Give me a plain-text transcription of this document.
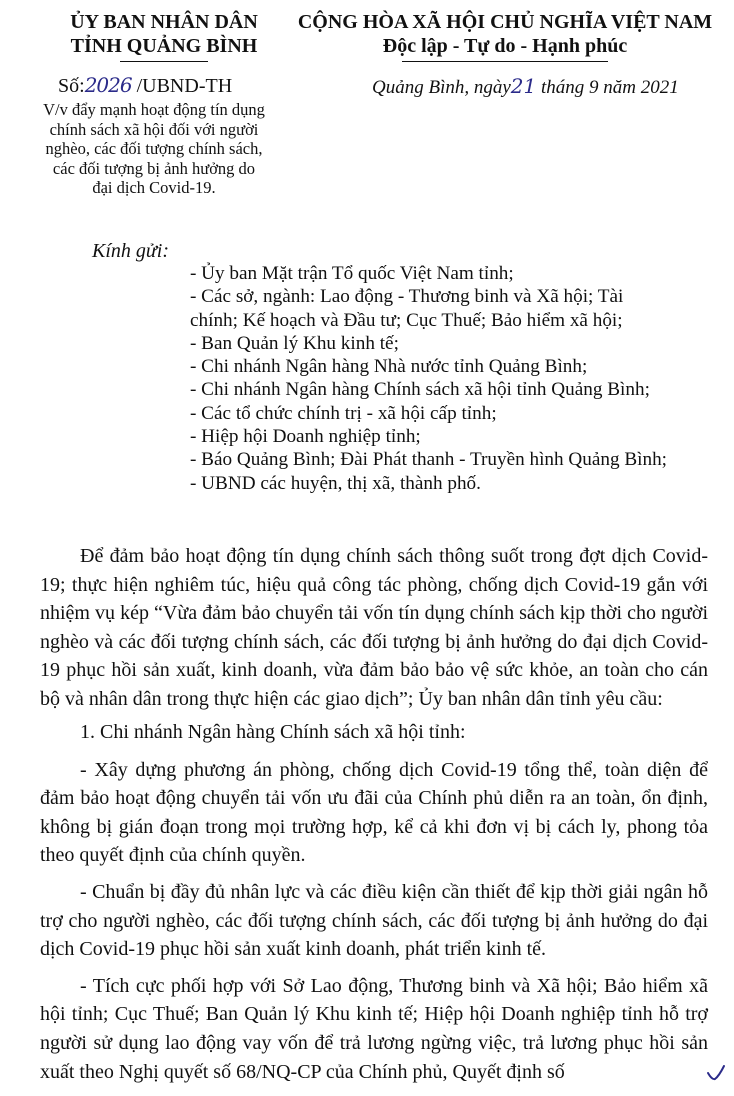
ỦY BAN NHÂN DÂN
TỈNH QUẢNG BÌNH
Số:2026 /UBND-TH
V/v đẩy mạnh hoạt động tín dụng
chính sách xã hội đối với người
nghèo, các đối tượng chính sách,
các đối tượng bị ảnh hưởng do
đại dịch Covid-19.
CỘNG HÒA XÃ HỘI CHỦ NGHĨA VIỆT NAM
Độc lập - Tự do - Hạnh phúc
Quảng Bình, ngày21 tháng 9 năm 2021
Kính gửi:
- Ủy ban Mặt trận Tổ quốc Việt Nam tỉnh;
- Các sở, ngành: Lao động - Thương binh và Xã hội; Tài
chính; Kế hoạch và Đầu tư; Cục Thuế; Bảo hiểm xã hội;
- Ban Quản lý Khu kinh tế;
- Chi nhánh Ngân hàng Nhà nước tỉnh Quảng Bình;
- Chi nhánh Ngân hàng Chính sách xã hội tỉnh Quảng Bình;
- Các tổ chức chính trị - xã hội cấp tỉnh;
- Hiệp hội Doanh nghiệp tỉnh;
- Báo Quảng Bình; Đài Phát thanh - Truyền hình Quảng Bình;
- UBND các huyện, thị xã, thành phố.

Để đảm bảo hoạt động tín dụng chính sách thông suốt trong đợt dịch Covid-19; thực hiện nghiêm túc, hiệu quả công tác phòng, chống dịch Covid-19 gắn với nhiệm vụ kép “Vừa đảm bảo chuyển tải vốn tín dụng chính sách kịp thời cho người nghèo và các đối tượng chính sách, các đối tượng bị ảnh hưởng do đại dịch Covid-19 phục hồi sản xuất, kinh doanh, vừa đảm bảo bảo vệ sức khỏe, an toàn cho cán bộ và nhân dân trong thực hiện các giao dịch”; Ủy ban nhân dân tỉnh yêu cầu:

1. Chi nhánh Ngân hàng Chính sách xã hội tỉnh:

- Xây dựng phương án phòng, chống dịch Covid-19 tổng thể, toàn diện để đảm bảo hoạt động chuyển tải vốn ưu đãi của Chính phủ diễn ra an toàn, ổn định, không bị gián đoạn trong mọi trường hợp, kể cả khi đơn vị bị cách ly, phong tỏa theo quyết định của chính quyền.

- Chuẩn bị đầy đủ nhân lực và các điều kiện cần thiết để kịp thời giải ngân hỗ trợ cho người nghèo, các đối tượng chính sách, các đối tượng bị ảnh hưởng do đại dịch Covid-19 phục hồi sản xuất kinh doanh, phát triển kinh tế.

- Tích cực phối hợp với Sở Lao động, Thương binh và Xã hội; Bảo hiểm xã hội tỉnh; Cục Thuế; Ban Quản lý Khu kinh tế; Hiệp hội Doanh nghiệp tỉnh hỗ trợ người sử dụng lao động vay vốn để trả lương ngừng việc, trả lương phục hồi sản xuất theo Nghị quyết số 68/NQ-CP của Chính phủ, Quyết định số
